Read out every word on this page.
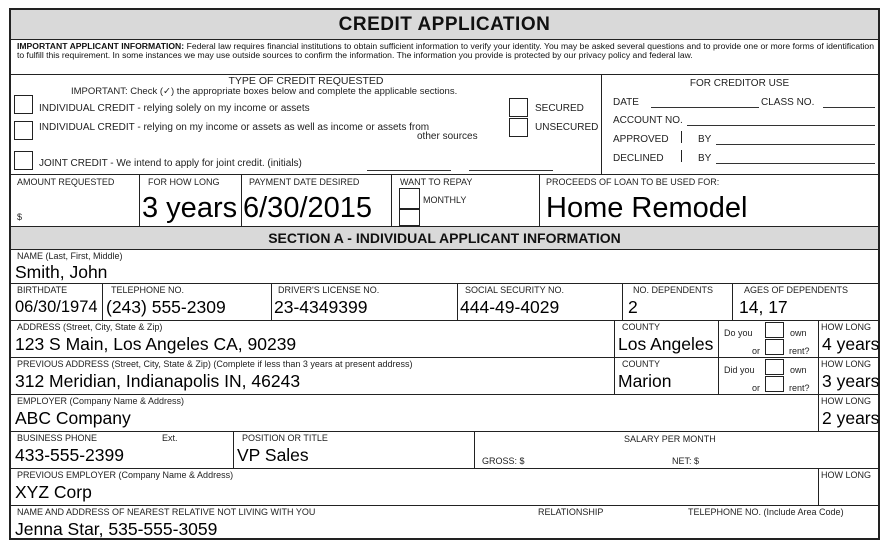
CREDIT APPLICATION
IMPORTANT APPLICANT INFORMATION: Federal law requires financial institutions to obtain sufficient information to verify your identity. You may be asked several questions and to provide one or more forms of identification to fulfill this requirement. In some instances we may use outside sources to confirm the information. The information you provide is protected by our privacy policy and federal law.
TYPE OF CREDIT REQUESTED
IMPORTANT: Check (✓) the appropriate boxes below and complete the applicable sections.
INDIVIDUAL CREDIT - relying solely on my income or assets
INDIVIDUAL CREDIT - relying on my income or assets as well as income or assets from
other sources
JOINT CREDIT - We intend to apply for joint credit. (initials)
SECURED
UNSECURED
FOR CREDITOR USE
DATE	CLASS NO.
ACCOUNT NO.
APPROVED	BY
DECLINED	BY
AMOUNT REQUESTED
$
FOR HOW LONG
3 years
PAYMENT DATE DESIRED
6/30/2015
WANT TO REPAY
MONTHLY
PROCEEDS OF LOAN TO BE USED FOR:
Home Remodel
SECTION A - INDIVIDUAL APPLICANT INFORMATION
NAME (Last, First, Middle)
Smith, John
BIRTHDATE
06/30/1974
TELEPHONE NO.
(243) 555-2309
DRIVER'S LICENSE NO.
23-4349399
SOCIAL SECURITY NO.
444-49-4029
NO. DEPENDENTS
2
AGES OF DEPENDENTS
14, 17
ADDRESS (Street, City, State & Zip)
123 S Main, Los Angeles CA, 90239
COUNTY
Los Angeles
Do you	own
or	rent?
HOW LONG
4 years
PREVIOUS ADDRESS (Street, City, State & Zip) (Complete if less than 3 years at present address)
312 Meridian, Indianapolis IN, 46243
COUNTY
Marion
Did you	own
or	rent?
HOW LONG
3 years
EMPLOYER (Company Name & Address)
ABC Company
HOW LONG
2 years
BUSINESS PHONE	Ext.
433-555-2399
POSITION OR TITLE
VP Sales
SALARY PER MONTH
GROSS: $	NET: $
PREVIOUS EMPLOYER (Company Name & Address)
XYZ Corp
HOW LONG
NAME AND ADDRESS OF NEAREST RELATIVE NOT LIVING WITH YOU
Jenna Star, 535-555-3059
RELATIONSHIP	TELEPHONE NO. (Include Area Code)
